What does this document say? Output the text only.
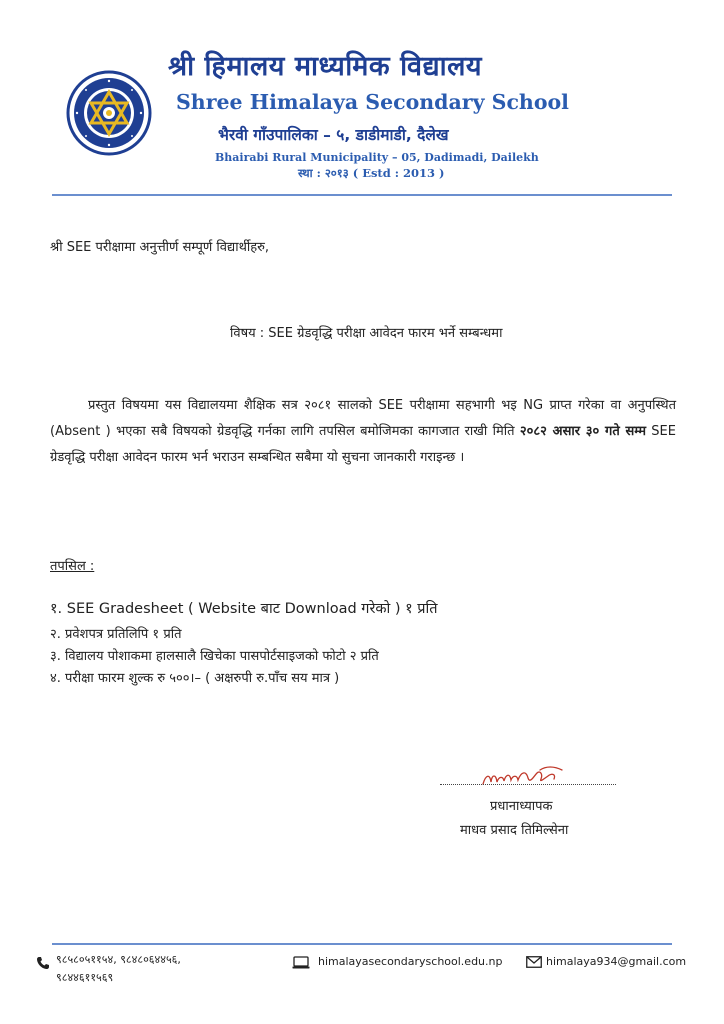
श्री हिमालय माध्यमिक विद्यालय
Shree Himalaya Secondary School
भैरवी गाँउपालिका – ५, डाडीमाडी, दैलेख
Bhairabi Rural Municipality – 05, Dadimadi, Dailekh
स्था : २०१३ ( Estd : 2013 )
श्री SEE परीक्षामा अनुत्तीर्ण सम्पूर्ण विद्यार्थीहरु,
विषय : SEE ग्रेडवृद्धि परीक्षा आवेदन फारम भर्ने सम्बन्धमा
प्रस्तुत विषयमा यस विद्यालयमा शैक्षिक सत्र २०८१ सालको SEE परीक्षामा सहभागी भइ NG प्राप्त गरेका वा अनुपस्थित (Absent ) भएका सबै विषयको ग्रेडवृद्धि गर्नका लागि तपसिल बमोजिमका कागजात राखी मिति २०८२ असार ३० गते सम्म SEE ग्रेडवृद्धि परीक्षा आवेदन फारम भर्न भराउन सम्बन्धित सबैमा यो सुचना जानकारी गराइन्छ ।
तपसिल :
१. SEE Gradesheet ( Website बाट Download गरेको ) १ प्रति
२. प्रवेशपत्र प्रतिलिपि १ प्रति
३. विद्यालय पोशाकमा हालसालै खिचेका पासपोर्टसाइजको फोटो २ प्रति
४. परीक्षा फारम शुल्क रु ५००।– ( अक्षरुपी रु.पाँच सय मात्र )
प्रधानाध्यापक
माधव प्रसाद तिमिल्सेना
९८५८०५११५४, ९८४८०६४४५६,
९८४४६११५६९
himalayasecondaryschool.edu.np	himalaya934@gmail.com
